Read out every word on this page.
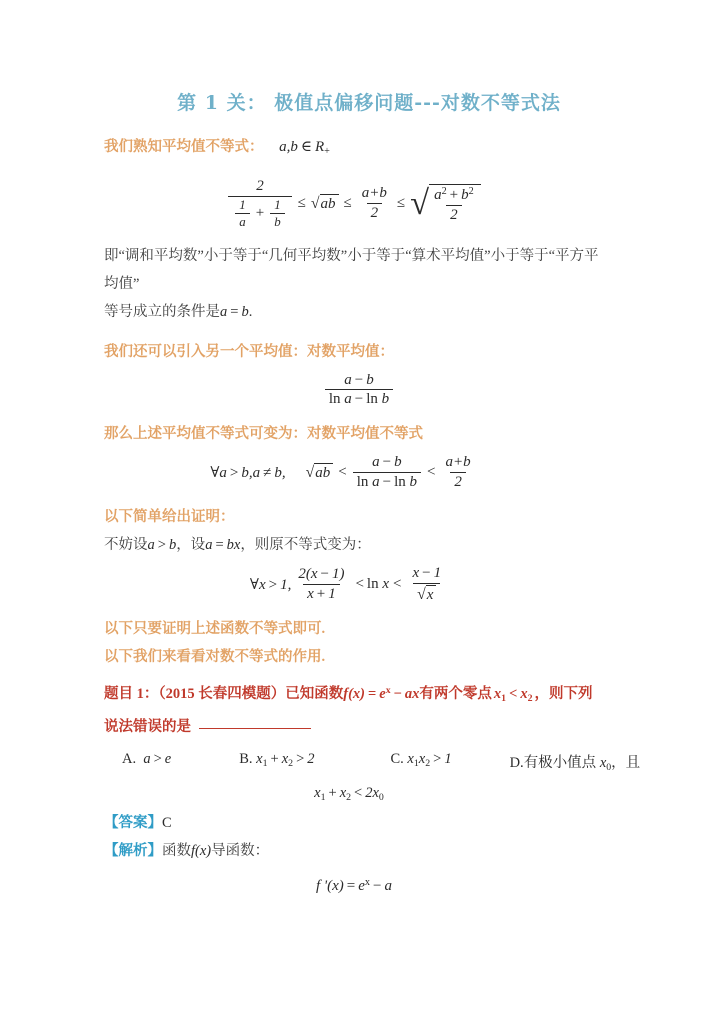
第 1 关： 极值点偏移问题---对数不等式法

我们熟知平均值不等式： a,b ∈ $R_+$

$\frac{2}{\frac{1}{a} + \frac{1}{b}}$ ≤ √ ab ≤ $\frac{a+b}{2}$ ≤ √ $\frac{a^2 + b^2}{2}$

即“调和平均数”小于等于“几何平均数”小于等于“算术平均值”小于等于“平方平

均值”

等号成立的条件是a = b.

我们还可以引入另一个平均值：对数平均值：

$\frac{a - b}{\text{ln a − ln b}}$

那么上述平均值不等式可变为：对数平均值不等式

∀a > b,a ≠ b, √ ab < $\frac{a - b}{\text{ln a − ln b}} < \frac{a+b}{2}$

以下简单给出证明：

不妨设a > b，设a = bx，则原不等式变为：

∀x > 1, $\frac{2(x - 1)}{x + 1} < \ln x < \frac{x - 1}{√ x}$

以下只要证明上述函数不等式即可.

以下我们来看看对数不等式的作用.

题目 1：（2015 长春四模题）已知函数$f(x) = e^x$ − ax有两个零点 $x_1 < x_2$ ，则下列

说法错误的是

A.  a > e	B. $x_1 + x_2 > 2$	C. $x_1x_2 > 1$	D.有极小值点 $x_0$，且
$x_1 + x_2 < 2x_0$

【答案】C

【解析】函数f(x)导函数：

f '$(x) = e^x - a$
